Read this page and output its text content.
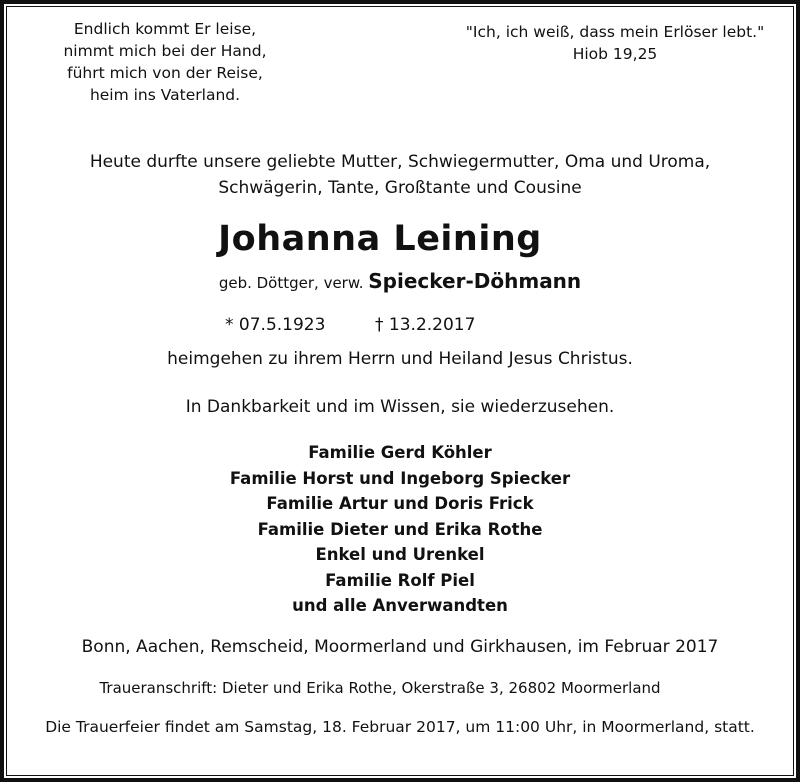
Endlich kommt Er leise,
nimmt mich bei der Hand,
führt mich von der Reise,
heim ins Vaterland.
"Ich, ich weiß, dass mein Erlöser lebt."
Hiob 19,25
Heute durfte unsere geliebte Mutter, Schwiegermutter, Oma und Uroma,
Schwägerin, Tante, Großtante und Cousine
Johanna Leining
geb. Döttger, verw. Spiecker-Döhmann
* 07.5.1923	† 13.2.2017
heimgehen zu ihrem Herrn und Heiland Jesus Christus.
In Dankbarkeit und im Wissen, sie wiederzusehen.
Familie Gerd Köhler
Familie Horst und Ingeborg Spiecker
Familie Artur und Doris Frick
Familie Dieter und Erika Rothe
Enkel und Urenkel
Familie Rolf Piel
und alle Anverwandten
Bonn, Aachen, Remscheid, Moormerland und Girkhausen, im Februar 2017
Traueranschrift: Dieter und Erika Rothe, Okerstraße 3, 26802 Moormerland
Die Trauerfeier findet am Samstag, 18. Februar 2017, um 11:00 Uhr, in Moormerland, statt.
